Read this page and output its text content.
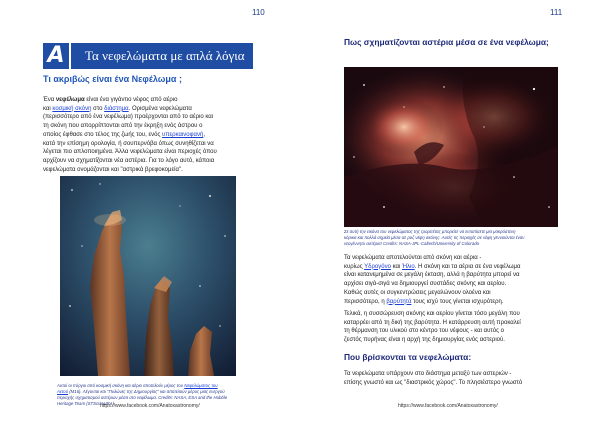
110
A Τα νεφελώματα με απλά λόγια
Τι ακριβώς είναι ένα Νεφέλωμα ;
Ένα νεφέλωμα είναι ένα γιγάντιο νέφος από αέριο
και κοσμική σκόνη στο διάστημα. Ορισμένα νεφελώματα
(περισσότερο από ένα νεφέλωμα) προέρχονται από το αέριο και
τη σκόνη που απορρίπτονται από την έκρηξη ενός άστρου ο
οποίος έφθασε στο τέλος της ζωής του, ενός υπερκαινοφανή,
κατά την επίσημη ορολογία, ή σουπερνόβα όπως συνηθίζεται να
λέγεται πιο απλοποιημένα. Άλλα νεφελώματα είναι περιοχές όπου
αρχίζουν να σχηματίζονται νέα αστέρια. Για το λόγο αυτό, κάποια
νεφελώματα ονομάζονται και "αστρικά βρεφοκομεία".
Αυτοί οι πύργοι από κοσμική σκόνη και αέριο αποτελούν μέρος του Νεφελώματος του
Αετού (M16). Λέγονται και "Πυλώνες της Δημιουργίας" και αποτελούν μέρος μιας ενεργού
περιοχής σχηματισμού αστέρων μέσα στο νεφέλωμα. Credits: NASA, ESA and the Hubble
Heritage Team (STScI/AURA)
https://www.facebook.com/Anatoxastronomy/
111
Πως σχηματίζονται αστέρια μέσα σε ένα νεφέλωμα;
Σε αυτή την εικόνα του νεφελώματος της τρομπέτας μπορείτε να εντοπίσετε μια μακρόστενη
κόρικα και πολλά σημεία μέσα σε ροζ νέφη σκόνης. Αυτές τις περιοχές σε νέφη γεννιούνται έναν
νεογέννητο αστέρια! Credits: NASA-JPL-Caltech/University of Colorado
Τα νεφελώματα αποτελούνται από σκόνη και αέρια -
κυρίως Υδρογόνο και Ήλιο. Η σκόνη και τα αέρια σε ένα νεφέλωμα
είναι κατανεμημένα σε μεγάλη έκταση, αλλά η βαρύτητα μπορεί να
αρχίσει σιγά-σιγά να δημιουργεί συστάδες σκόνης και αερίου.
Καθώς αυτές οι συγκεντρώσεις μεγαλώνουν ολοένα και
περισσότερο, η βαρύτητά τους ισχύ τους γίνεται ισχυρότερη.
Τελικά, η συσσώρευση σκόνης και αερίου γίνεται τόσο μεγάλη που
καταρρέει από τη δική της βαρύτητα. Η κατάρρευση αυτή προκαλεί
τη θέρμανση του υλικού στο κέντρο του νέφους - και αυτός ο
ζεστός πυρήνας είναι η αρχή της δημιουργίας ενός αστεριού.
Που βρίσκονται τα νεφελώματα:
Τα νεφελώματα υπάρχουν στο διάστημα μεταξύ των αστεριών -
επίσης γνωστό και ως "διαστρικός χώρος". Το πλησιέστερο γνωστό
https://www.facebook.com/Anatoxastronomy/
